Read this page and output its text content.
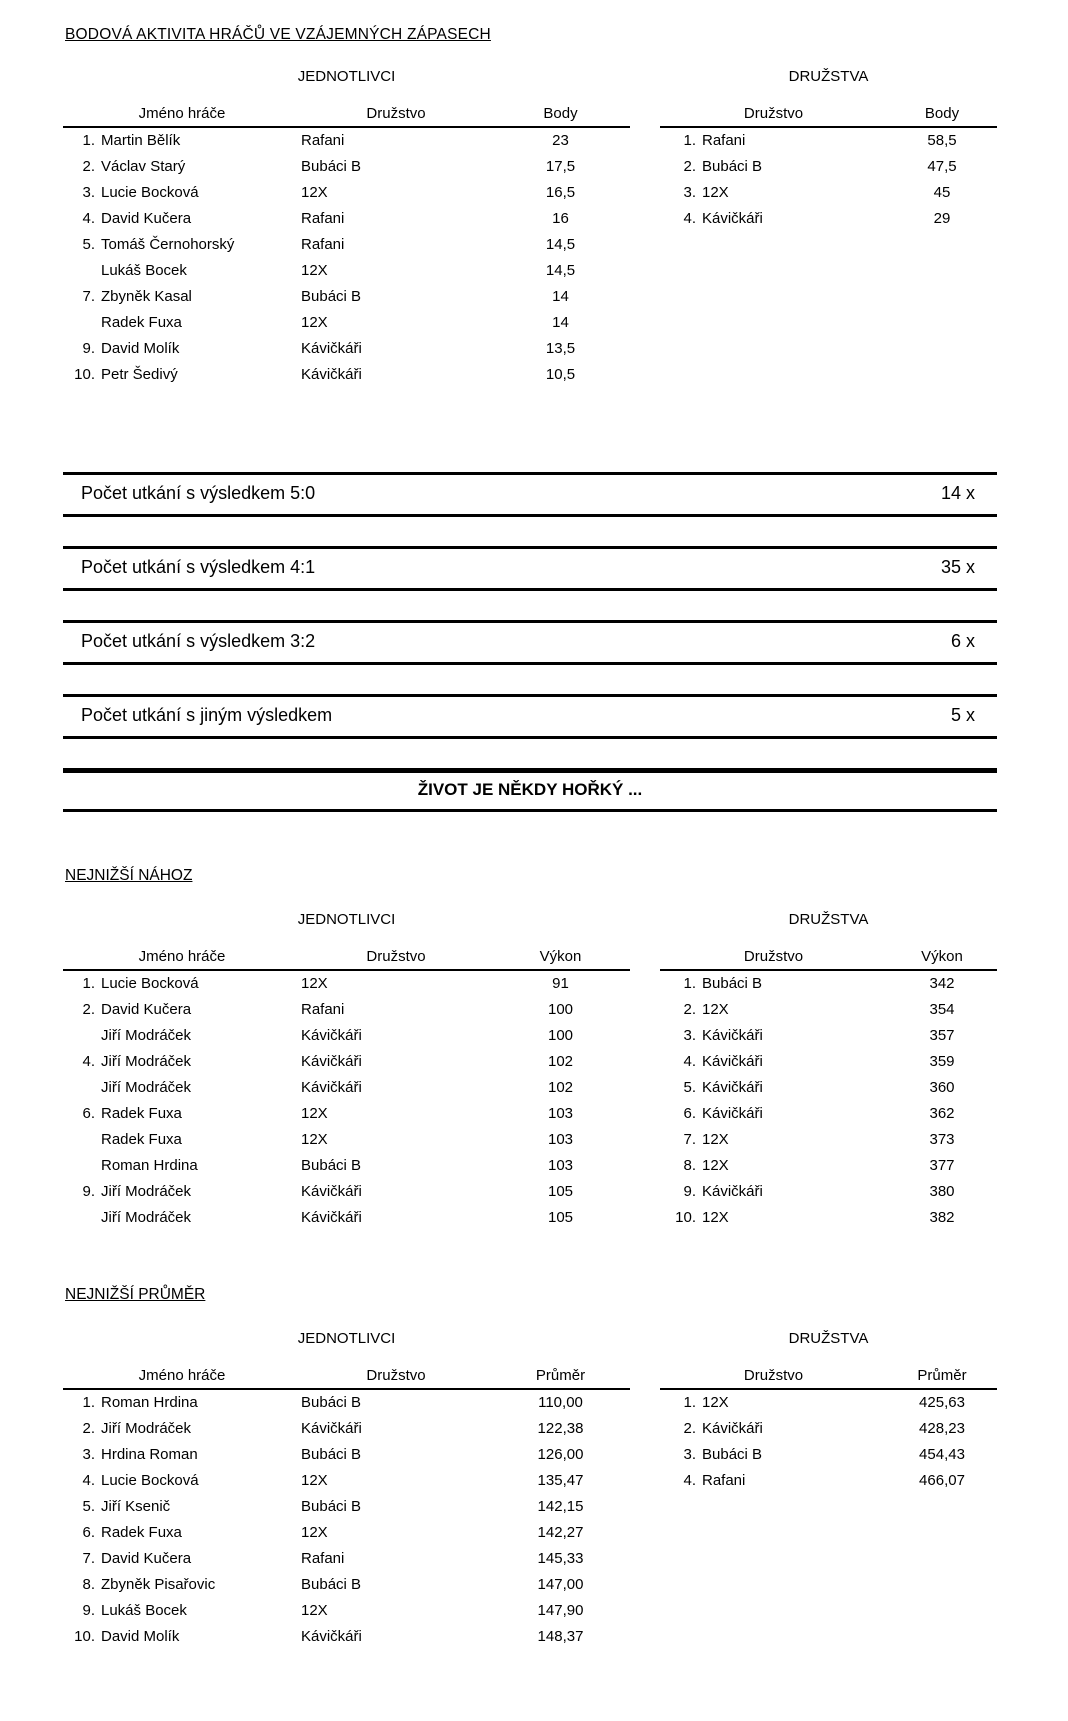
BODOVÁ AKTIVITA HRÁČŮ VE VZÁJEMNÝCH ZÁPASECH
JEDNOTLIVCI
Jméno hráče		Družstvo	Body
1.	Martin Bělík	Rafani	23
2.	Václav Starý	Bubáci B	17,5
3.	Lucie Bocková	12X	16,5
4.	David Kučera	Rafani	16
5.	Tomáš Černohorský	Rafani	14,5
	Lukáš Bocek	12X	14,5
7.	Zbyněk Kasal	Bubáci B	14
	Radek Fuxa	12X	14
9.	David Molík	Kávičkáři	13,5
10.	Petr Šedivý	Kávičkáři	10,5
DRUŽSTVA
Družstvo		Body
1.	Rafani	58,5
2.	Bubáci B	47,5
3.	12X	45
4.	Kávičkáři	29
Počet utkání s výsledkem 5:0	14 x
Počet utkání s výsledkem 4:1	35 x
Počet utkání s výsledkem 3:2	6 x
Počet utkání s jiným výsledkem	5 x
ŽIVOT JE NĚKDY HOŘKÝ ...
NEJNIŽŠÍ NÁHOZ
JEDNOTLIVCI
Jméno hráče		Družstvo	Výkon
1.	Lucie Bocková	12X	91
2.	David Kučera	Rafani	100
	Jiří Modráček	Kávičkáři	100
4.	Jiří Modráček	Kávičkáři	102
	Jiří Modráček	Kávičkáři	102
6.	Radek Fuxa	12X	103
	Radek Fuxa	12X	103
	Roman Hrdina	Bubáci B	103
9.	Jiří Modráček	Kávičkáři	105
	Jiří Modráček	Kávičkáři	105
DRUŽSTVA
Družstvo		Výkon
1.	Bubáci B	342
2.	12X	354
3.	Kávičkáři	357
4.	Kávičkáři	359
5.	Kávičkáři	360
6.	Kávičkáři	362
7.	12X	373
8.	12X	377
9.	Kávičkáři	380
10.	12X	382
NEJNIŽŠÍ PRŮMĚR
JEDNOTLIVCI
Jméno hráče		Družstvo	Průměr
1.	Roman Hrdina	Bubáci B	110,00
2.	Jiří Modráček	Kávičkáři	122,38
3.	Hrdina Roman	Bubáci B	126,00
4.	Lucie Bocková	12X	135,47
5.	Jiří Ksenič	Bubáci B	142,15
6.	Radek Fuxa	12X	142,27
7.	David Kučera	Rafani	145,33
8.	Zbyněk Pisařovic	Bubáci B	147,00
9.	Lukáš Bocek	12X	147,90
10.	David Molík	Kávičkáři	148,37
DRUŽSTVA
Družstvo		Průměr
1.	12X	425,63
2.	Kávičkáři	428,23
3.	Bubáci B	454,43
4.	Rafani	466,07
